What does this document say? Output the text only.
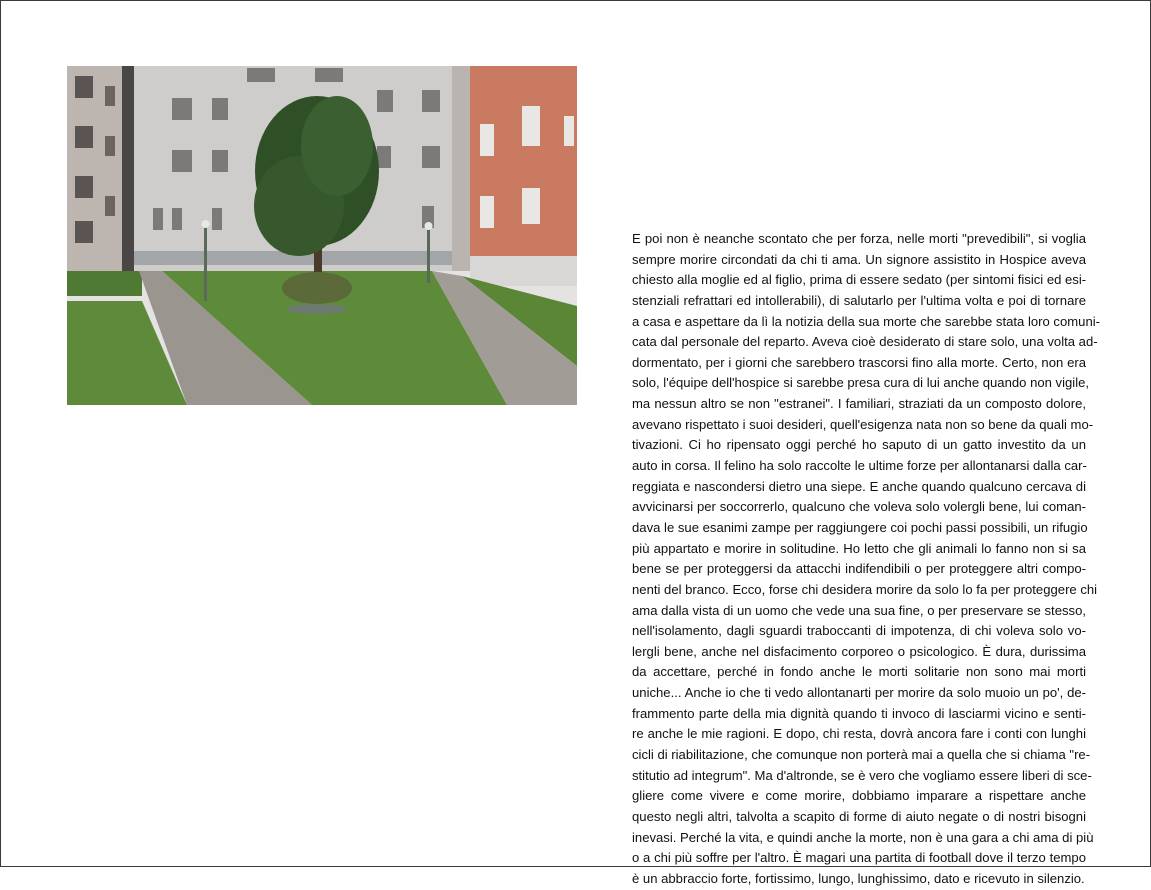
E poi non è neanche scontato che per forza, nelle morti "prevedibili", si voglia
sempre morire circondati da chi ti ama. Un signore assistito in Hospice aveva
chiesto alla moglie ed al figlio, prima di essere sedato (per sintomi fisici ed esi-
stenziali refrattari ed intollerabili), di salutarlo per l'ultima volta e poi di tornare
a casa e aspettare da lì la notizia della sua morte che sarebbe stata loro comuni-
cata dal personale del reparto. Aveva cioè desiderato di stare solo, una volta ad-
dormentato, per i giorni che sarebbero trascorsi fino alla morte. Certo, non era
solo, l'équipe dell'hospice si sarebbe presa cura di lui anche quando non vigile,
ma nessun altro se non "estranei". I familiari, straziati da un composto dolore,
avevano rispettato i suoi desideri, quell'esigenza nata non so bene da quali mo-
tivazioni. Ci ho ripensato oggi perché ho saputo di un gatto investito da un
auto in corsa. Il felino ha solo raccolte le ultime forze per allontanarsi dalla car-
reggiata e nascondersi dietro una siepe. E anche quando qualcuno cercava di
avvicinarsi per soccorrerlo, qualcuno che voleva solo volergli bene, lui coman-
dava le sue esanimi zampe per raggiungere coi pochi passi possibili, un rifugio
più appartato e morire in solitudine. Ho letto che gli animali lo fanno non si sa
bene se per proteggersi da attacchi indifendibili o per proteggere altri compo-
nenti del branco. Ecco, forse chi desidera morire da solo lo fa per proteggere chi
ama dalla vista di un uomo che vede una sua fine, o per preservare se stesso,
nell'isolamento, dagli sguardi traboccanti di impotenza, di chi voleva solo vo-
lergli bene, anche nel disfacimento corporeo o psicologico. È dura, durissima
da accettare, perché in fondo anche le morti solitarie non sono mai morti
uniche... Anche io che ti vedo allontanarti per morire da solo muoio un po', de-
frammento parte della mia dignità quando ti invoco di lasciarmi vicino e senti-
re anche le mie ragioni. E dopo, chi resta, dovrà ancora fare i conti con lunghi
cicli di riabilitazione, che comunque non porterà mai a quella che si chiama "re-
stitutio ad integrum". Ma d'altronde, se è vero che vogliamo essere liberi di sce-
gliere come vivere e come morire, dobbiamo imparare a rispettare anche
questo negli altri, talvolta a scapito di forme di aiuto negate o di nostri bisogni
inevasi. Perché la vita, e quindi anche la morte, non è una gara a chi ama di più
o a chi più soffre per l'altro. È magari una partita di football dove il terzo tempo
è un abbraccio forte, fortissimo, lungo, lunghissimo, dato e ricevuto in silenzio.
